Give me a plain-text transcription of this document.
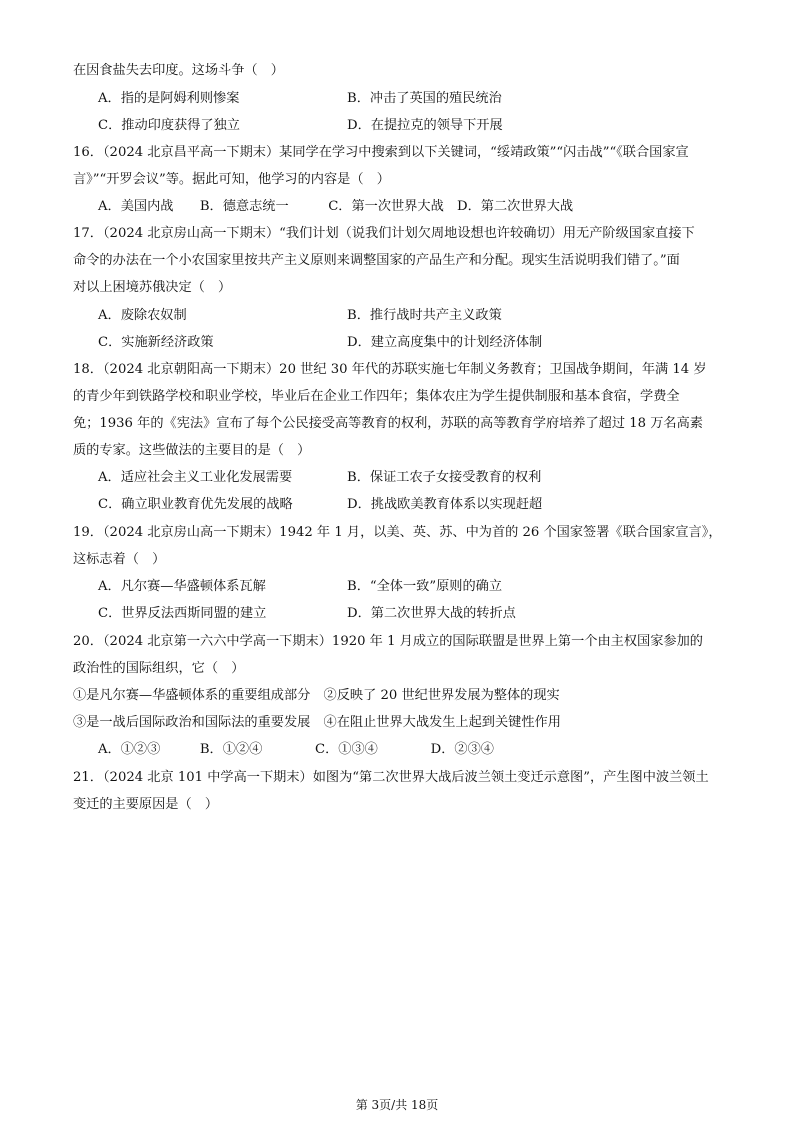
在因食盐失去印度。这场斗争（　）
A．指的是阿姆利则惨案	B．冲击了英国的殖民统治
C．推动印度获得了独立	D．在提拉克的领导下开展
16．（2024 北京昌平高一下期末）某同学在学习中搜索到以下关键词，“绥靖政策”“闪击战”“《联合国家宣
言》”“开罗会议”等。据此可知，他学习的内容是（　）
A．美国内战　　B．德意志统一　　　C．第一次世界大战　D．第二次世界大战
17．（2024 北京房山高一下期末）“我们计划（说我们计划欠周地设想也许较确切）用无产阶级国家直接下
命令的办法在一个小农国家里按共产主义原则来调整国家的产品生产和分配。现实生活说明我们错了。”面
对以上困境苏俄决定（　）
A．废除农奴制	B．推行战时共产主义政策
C．实施新经济政策	D．建立高度集中的计划经济体制
18．（2024 北京朝阳高一下期末）20 世纪 30 年代的苏联实施七年制义务教育；卫国战争期间，年满 14 岁
的青少年到铁路学校和职业学校，毕业后在企业工作四年；集体农庄为学生提供制服和基本食宿，学费全
免；1936 年的《宪法》宣布了每个公民接受高等教育的权利，苏联的高等教育学府培养了超过 18 万名高素
质的专家。这些做法的主要目的是（　）
A．适应社会主义工业化发展需要	B．保证工农子女接受教育的权利
C．确立职业教育优先发展的战略	D．挑战欧美教育体系以实现赶超
19．（2024 北京房山高一下期末）1942 年 1 月，以美、英、苏、中为首的 26 个国家签署《联合国家宣言》，
这标志着（　）
A．凡尔赛—华盛顿体系瓦解	B．“全体一致”原则的确立
C．世界反法西斯同盟的建立	D．第二次世界大战的转折点
20．（2024 北京第一六六中学高一下期末）1920 年 1 月成立的国际联盟是世界上第一个由主权国家参加的
政治性的国际组织，它（　）
①是凡尔赛—华盛顿体系的重要组成部分　②反映了 20 世纪世界发展为整体的现实
③是一战后国际政治和国际法的重要发展　④在阻止世界大战发生上起到关键性作用
A．①②③　　　B．①②④　　　　C．①③④　　　　D．②③④
21．（2024 北京 101 中学高一下期末）如图为“第二次世界大战后波兰领土变迁示意图”，产生图中波兰领土
变迁的主要原因是（　）
第 3页/共 18页
